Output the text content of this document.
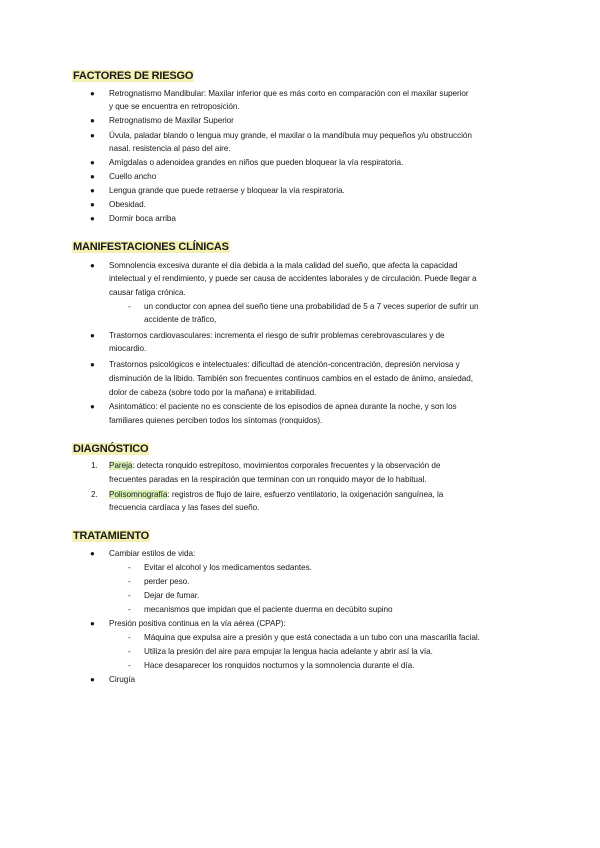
FACTORES DE RIESGO
● Retrognatismo Mandibular: Maxilar inferior que es más corto en comparación con el maxilar superior
y que se encuentra en retroposición.
● Retrognatismo de Maxilar Superior
● Úvula, paladar blando o lengua muy grande, el maxilar o la mandíbula muy pequeños y/u obstrucción
nasal. resistencia al paso del aire.
● Amígdalas o adenoidea grandes en niños que pueden bloquear la vía respiratoria.
● Cuello ancho
● Lengua grande que puede retraerse y bloquear la vía respiratoria.
● Obesidad.
● Dormir boca arriba
MANIFESTACIONES CLÍNICAS
● Somnolencia excesiva durante el día debida a la mala calidad del sueño, que afecta la capacidad
intelectual y el rendimiento, y puede ser causa de accidentes laborales y de circulación. Puede llegar a
causar fatiga crónica.
- un conductor con apnea del sueño tiene una probabilidad de 5 a 7 veces superior de sufrir un
accidente de tráfico,
● Trastornos cardiovasculares: incrementa el riesgo de sufrir problemas cerebrovasculares y de
miocardio.
● Trastornos psicológicos e intelectuales: dificultad de atención-concentración, depresión nerviosa y
disminución de la libido. También son frecuentes continuos cambios en el estado de ánimo, ansiedad,
dolor de cabeza (sobre todo por la mañana) e irritabilidad.
● Asintomático: el paciente no es consciente de los episodios de apnea durante la noche, y son los
familiares quienes perciben todos los síntomas (ronquidos).
DIAGNÓSTICO
1. Pareja: detecta ronquido estrepitoso, movimientos corporales frecuentes y la observación de
frecuentes paradas en la respiración que terminan con un ronquido mayor de lo habitual.
2. Polisomnografía: registros de flujo de laire, esfuerzo ventilatorio, la oxigenación sanguínea, la
frecuencia cardíaca y las fases del sueño.
TRATAMIENTO
● Cambiar estilos de vida:
- Evitar el alcohol y los medicamentos sedantes.
- perder peso.
- Dejar de fumar.
- mecanismos que impidan que el paciente duerma en decúbito supino
● Presión positiva continua en la vía aérea (CPAP):
- Máquina que expulsa aire a presión y que está conectada a un tubo con una mascarilla facial.
- Utiliza la presión del aire para empujar la lengua hacia adelante y abrir así la vía.
- Hace desaparecer los ronquidos nocturnos y la somnolencia durante el día.
● Cirugía
